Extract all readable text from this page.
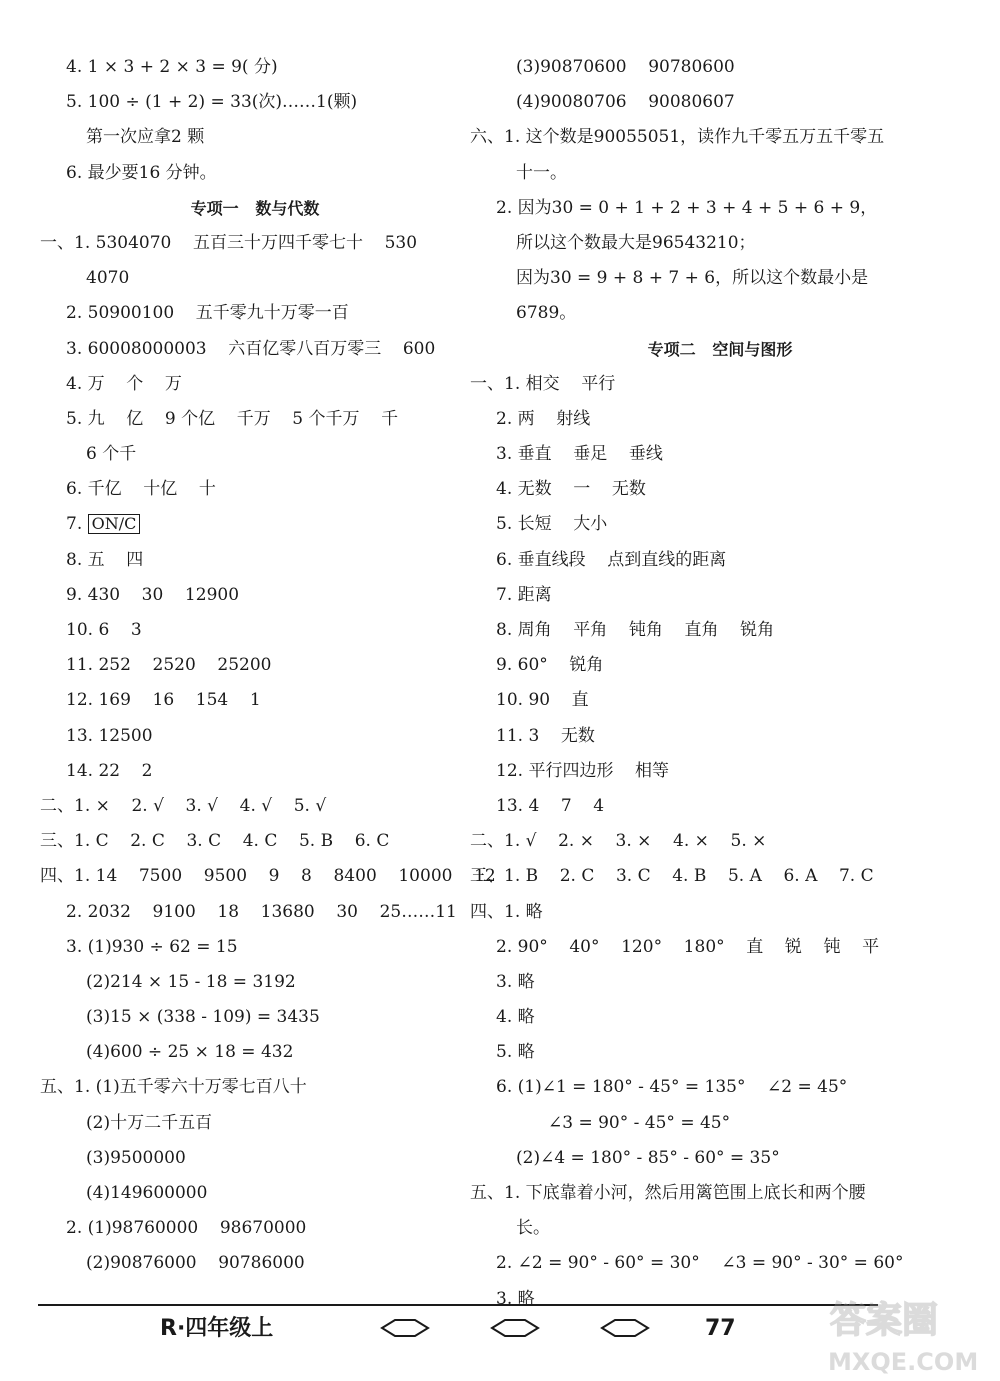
4. 1 × 3 + 2 × 3 = 9( 分)
5. 100 ÷ (1 + 2) = 33(次)……1(颗)
第一次应拿2 颗
6. 最少要16 分钟。
专项一   数与代数
一、1. 5304070    五百三十万四千零七十    530
4070
2. 50900100    五千零九十万零一百
3. 60008000003    六百亿零八百万零三    600
4. 万    个    万
5. 九    亿    9 个亿    千万    5 个千万    千
6 个千
6. 千亿    十亿    十
7. ON/C
8. 五    四
9. 430    30    12900
10. 6    3
11. 252    2520    25200
12. 169    16    154    1
13. 12500
14. 22    2
二、1. ×    2. √    3. √    4. √    5. √
三、1. C    2. C    3. C    4. C    5. B    6. C
四、1. 14    7500    9500    9    8    8400    10000    12
2. 2032    9100    18    13680    30    25……11
3. (1)930 ÷ 62 = 15
(2)214 × 15 - 18 = 3192
(3)15 × (338 - 109) = 3435
(4)600 ÷ 25 × 18 = 432
五、1. (1)五千零六十万零七百八十
(2)十万二千五百
(3)9500000
(4)149600000
2. (1)98760000    98670000
(2)90876000    90786000
(3)90870600    90780600
(4)90080706    90080607
六、1. 这个数是90055051，读作九千零五万五千零五
十一。
2. 因为30 = 0 + 1 + 2 + 3 + 4 + 5 + 6 + 9，
所以这个数最大是96543210；
因为30 = 9 + 8 + 7 + 6，所以这个数最小是
6789。
专项二   空间与图形
一、1. 相交    平行
2. 两    射线
3. 垂直    垂足    垂线
4. 无数    一    无数
5. 长短    大小
6. 垂直线段    点到直线的距离
7. 距离
8. 周角    平角    钝角    直角    锐角
9. 60°    锐角
10. 90    直
11. 3    无数
12. 平行四边形    相等
13. 4    7    4
二、1. √    2. ×    3. ×    4. ×    5. ×
三、1. B    2. C    3. C    4. B    5. A    6. A    7. C
四、1. 略
2. 90°    40°    120°    180°    直    锐    钝    平
3. 略
4. 略
5. 略
6. (1)∠1 = 180° - 45° = 135°    ∠2 = 45°
∠3 = 90° - 45° = 45°
(2)∠4 = 180° - 85° - 60° = 35°
五、1. 下底靠着小河，然后用篱笆围上底长和两个腰
长。
2. ∠2 = 90° - 60° = 30°    ∠3 = 90° - 30° = 60°
3. 略
R·四年级上	77	答案圈
MXQE.COM
